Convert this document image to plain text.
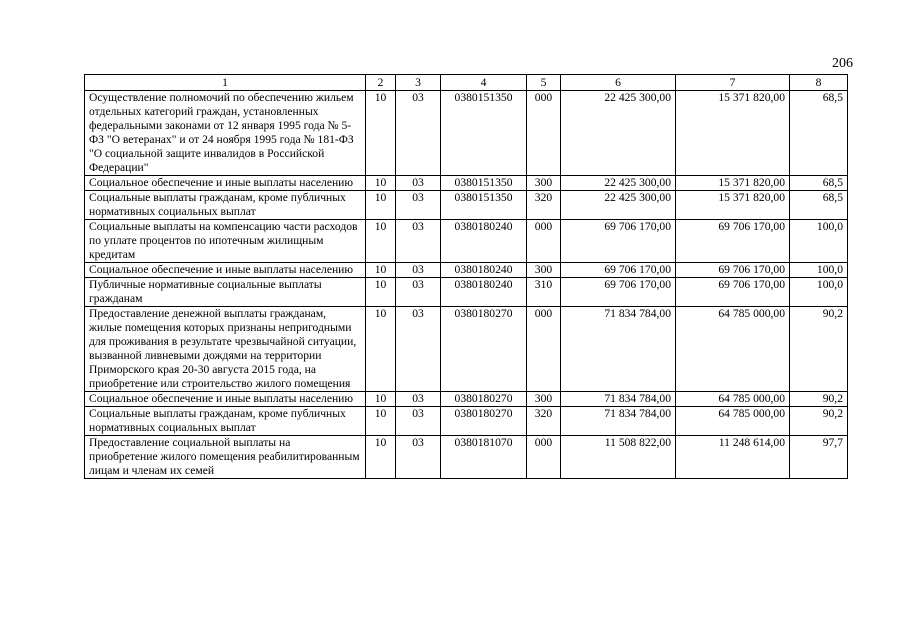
206
1	2	3	4	5	6	7	8
Осуществление полномочий по обеспечению жильем отдельных категорий граждан, установленных федеральными законами от 12 января 1995 года № 5-ФЗ "О ветеранах" и от 24 ноября 1995 года № 181-ФЗ "О социальной защите инвалидов в Российской Федерации"	10	03	0380151350	000	22 425 300,00	15 371 820,00	68,5
Социальное обеспечение и иные выплаты населению	10	03	0380151350	300	22 425 300,00	15 371 820,00	68,5
Социальные выплаты гражданам, кроме публичных нормативных социальных выплат	10	03	0380151350	320	22 425 300,00	15 371 820,00	68,5
Социальные выплаты на компенсацию части расходов по уплате процентов по ипотечным жилищным кредитам	10	03	0380180240	000	69 706 170,00	69 706 170,00	100,0
Социальное обеспечение и иные выплаты населению	10	03	0380180240	300	69 706 170,00	69 706 170,00	100,0
Публичные нормативные социальные выплаты гражданам	10	03	0380180240	310	69 706 170,00	69 706 170,00	100,0
Предоставление денежной выплаты гражданам, жилые помещения которых признаны непригодными для проживания в результате чрезвычайной ситуации, вызванной ливневыми дождями на территории Приморского края 20-30 августа 2015 года, на приобретение или строительство жилого помещения	10	03	0380180270	000	71 834 784,00	64 785 000,00	90,2
Социальное обеспечение и иные выплаты населению	10	03	0380180270	300	71 834 784,00	64 785 000,00	90,2
Социальные выплаты гражданам, кроме публичных нормативных социальных выплат	10	03	0380180270	320	71 834 784,00	64 785 000,00	90,2
Предоставление социальной выплаты на приобретение жилого помещения реабилитированным лицам и членам их семей	10	03	0380181070	000	11 508 822,00	11 248 614,00	97,7
